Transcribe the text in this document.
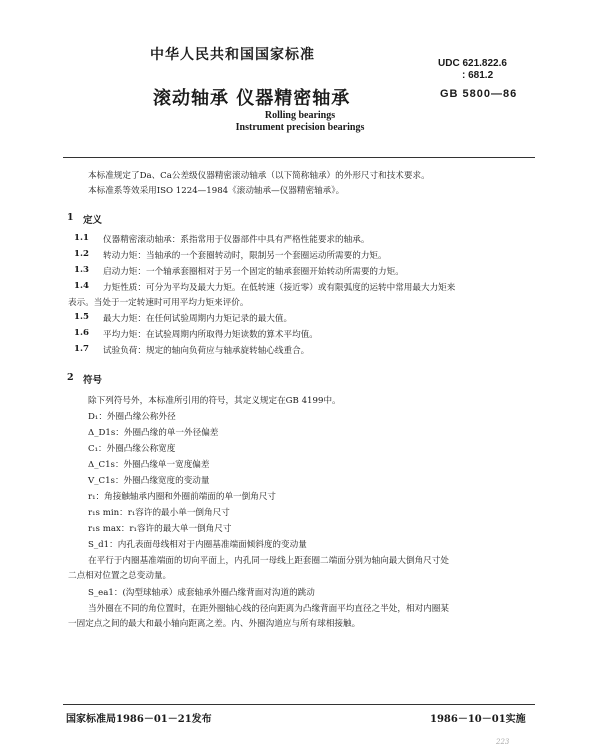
中华人民共和国国家标准
UDC 621.822.6
: 681.2
滚动轴承 仪器精密轴承	GB 5800—86
Rolling bearings
Instrument precision bearings
本标准规定了Da、Ca公差级仪器精密滚动轴承（以下简称轴承）的外形尺寸和技术要求。
本标准系等效采用ISO 1224—1984《滚动轴承—仪器精密轴承》。
1 定义
1.1 仪器精密滚动轴承：系指常用于仪器部件中具有严格性能要求的轴承。
1.2 转动力矩：当轴承的一个套圈转动时，限制另一个套圈运动所需要的力矩。
1.3 启动力矩：一个轴承套圈相对于另一个固定的轴承套圈开始转动所需要的力矩。
1.4 力矩性质：可分为平均及最大力矩。在低转速（接近零）或有限弧度的运转中常用最大力矩来
表示。当处于一定转速时可用平均力矩来评价。
1.5 最大力矩：在任何试验周期内力矩记录的最大值。
1.6 平均力矩：在试验周期内所取得力矩读数的算术平均值。
1.7 试验负荷：规定的轴向负荷应与轴承旋转轴心线重合。
2 符号
除下列符号外，本标准所引用的符号，其定义规定在GB 4199中。
D₁：外圈凸缘公称外径
Δ_D1s：外圈凸缘的单一外径偏差
C₁：外圈凸缘公称宽度
Δ_C1s：外圈凸缘单一宽度偏差
V_C1s：外圈凸缘宽度的变动量
r₁：角接触轴承内圈和外圈前端面的单一倒角尺寸
r₁s min：r₁容许的最小单一倒角尺寸
r₁s max：r₁容许的最大单一倒角尺寸
S_d1：内孔表面母线相对于内圈基准端面倾斜度的变动量
在平行于内圈基准端面的切向平面上，内孔同一母线上距套圈二端面分别为轴向最大倒角尺寸处
二点相对位置之总变动量。
S_ea1：(沟型球轴承）成套轴承外圈凸缘背面对沟道的跳动
当外圈在不同的角位置时，在距外圈轴心线的径向距离为凸缘背面平均直径之半处，相对内圈某
一固定点之间的最大和最小轴向距离之差。内、外圈沟道应与所有球相接触。
国家标准局1986－01－21发布	1986－10－01实施
223
